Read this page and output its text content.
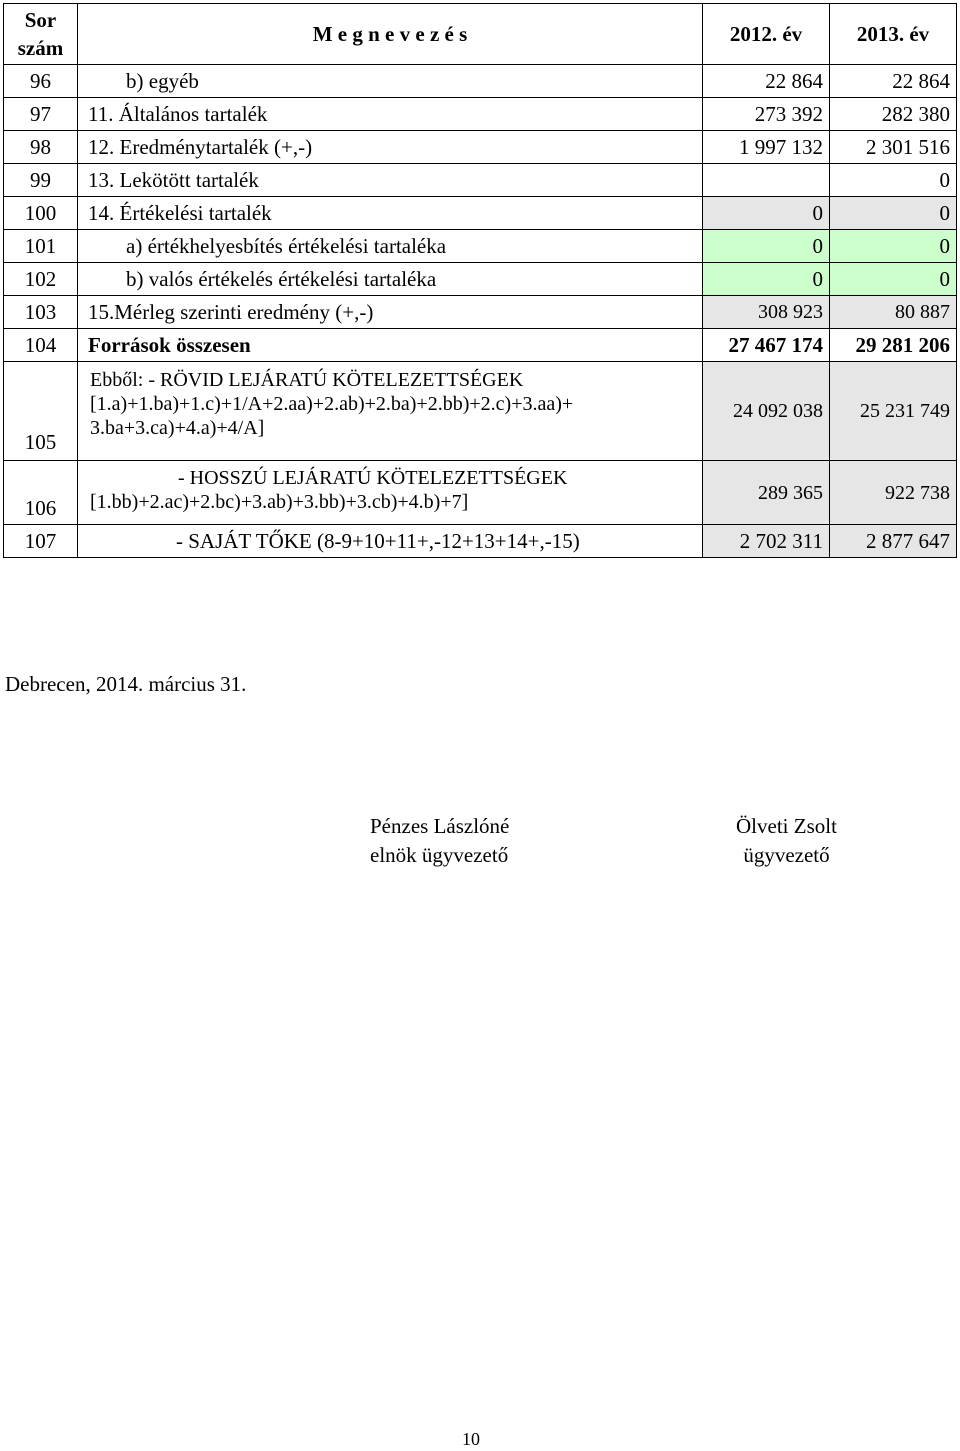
Sor
szám	M e g n e v e z é s	2012. év	2013. év
96	b) egyéb	22 864	22 864
97	11. Általános tartalék	273 392	282 380
98	12. Eredménytartalék (+,-)	1 997 132	2 301 516
99	13. Lekötött tartalék		0
100	14. Értékelési tartalék	0	0
101	a) értékhelyesbítés értékelési tartaléka	0	0
102	b) valós értékelés értékelési tartaléka	0	0
103	15.Mérleg szerinti eredmény (+,-)	308 923	80 887
104	Források összesen	27 467 174	29 281 206
105	Ebből: - RÖVID LEJÁRATÚ KÖTELEZETTSÉGEK
[1.a)+1.ba)+1.c)+1/A+2.aa)+2.ab)+2.ba)+2.bb)+2.c)+3.aa)+
3.ba+3.ca)+4.a)+4/A]	24 092 038	25 231 749
106	- HOSSZÚ LEJÁRATÚ KÖTELEZETTSÉGEK
[1.bb)+2.ac)+2.bc)+3.ab)+3.bb)+3.cb)+4.b)+7]	289 365	922 738
107	- SAJÁT TŐKE (8-9+10+11+,-12+13+14+,-15)	2 702 311	2 877 647
Debrecen, 2014. március 31.
Pénzes Lászlóné
elnök ügyvezető
Ölveti Zsolt
ügyvezető
10
